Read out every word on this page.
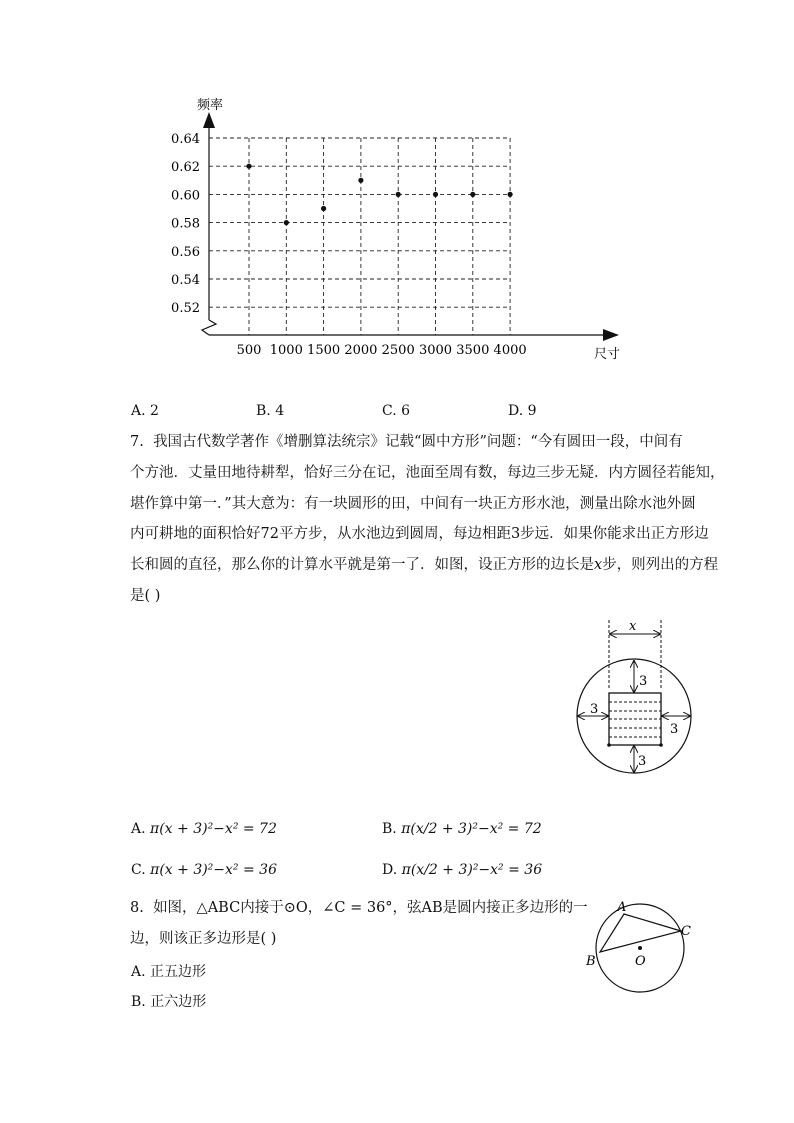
0.64
0.62
0.60
0.58
0.56
0.54
0.52
500 1000 1500 2000 2500 3000 3500 4000
频率
尺寸
A. 2	B. 4	C. 6	D. 9
7. 我国古代数学著作《增删算法统宗》记载“圆中方形”问题：“今有圆田一段，中间有
个方池．丈量田地待耕犁，恰好三分在记，池面至周有数，每边三步无疑．内方圆径若能知，
堪作算中第一．”其大意为：有一块圆形的田，中间有一块正方形水池，测量出除水池外圆
内可耕地的面积恰好72平方步，从水池边到圆周，每边相距3步远．如果你能求出正方形边
长和圆的直径，那么你的计算水平就是第一了．如图，设正方形的边长是x步，则列出的方程
是( )
x
3
3
3
3
A. π(x + 3)²−x² = 72	B. π(x/2 + 3)²−x² = 72
C. π(x + 3)²−x² = 36	D. π(x/2 + 3)²−x² = 36
8. 如图，△ABC内接于⊙O，∠C = 36°，弦AB是圆内接正多边形的一
边，则该正多边形是( )
A
B
C
O
A. 正五边形
B. 正六边形
